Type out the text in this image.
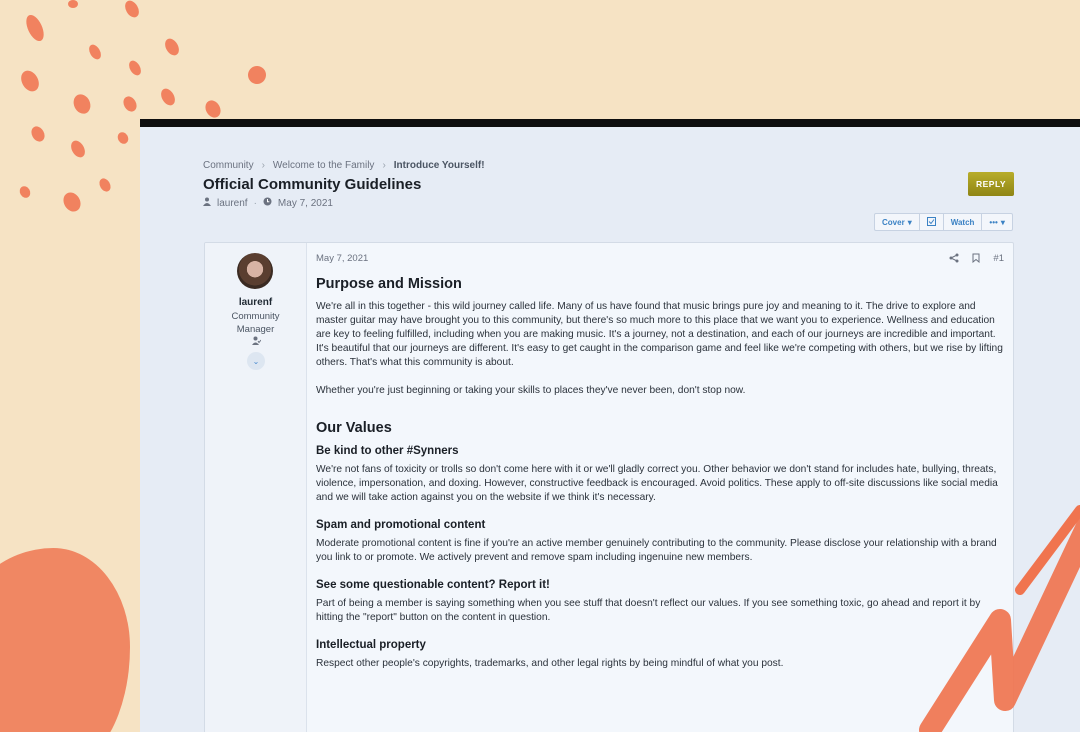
Community › Welcome to the Family › Introduce Yourself!
Official Community Guidelines
laurenf · May 7, 2021
REPLY
Cover ▾	Watch ••• ▾
laurenf
Community
Manager
⌄
May 7, 2021	#1
Purpose and Mission

We're all in this together - this wild journey called life. Many of us have found that music brings pure joy and meaning to it. The drive to explore and master guitar may have brought you to this community, but there's so much more to this place that we want you to experience. Wellness and education are key to feeling fulfilled, including when you are making music. It's a journey, not a destination, and each of our journeys are incredible and important. It's beautiful that our journeys are different. It's easy to get caught in the comparison game and feel like we're competing with others, but we rise by lifting others. That's what this community is about.

Whether you're just beginning or taking your skills to places they've never been, don't stop now.

Our Values
Be kind to other #Synners

We're not fans of toxicity or trolls so don't come here with it or we'll gladly correct you. Other behavior we don't stand for includes hate, bullying, threats, violence, impersonation, and doxing. However, constructive feedback is encouraged. Avoid politics. These apply to off-site discussions like social media and we will take action against you on the website if we think it's necessary.

Spam and promotional content

Moderate promotional content is fine if you're an active member genuinely contributing to the community. Please disclose your relationship with a brand you link to or promote. We actively prevent and remove spam including ingenuine new members.

See some questionable content? Report it!

Part of being a member is saying something when you see stuff that doesn't reflect our values. If you see something toxic, go ahead and report it by hitting the "report" button on the content in question.

Intellectual property

Respect other people's copyrights, trademarks, and other legal rights by being mindful of what you post.
